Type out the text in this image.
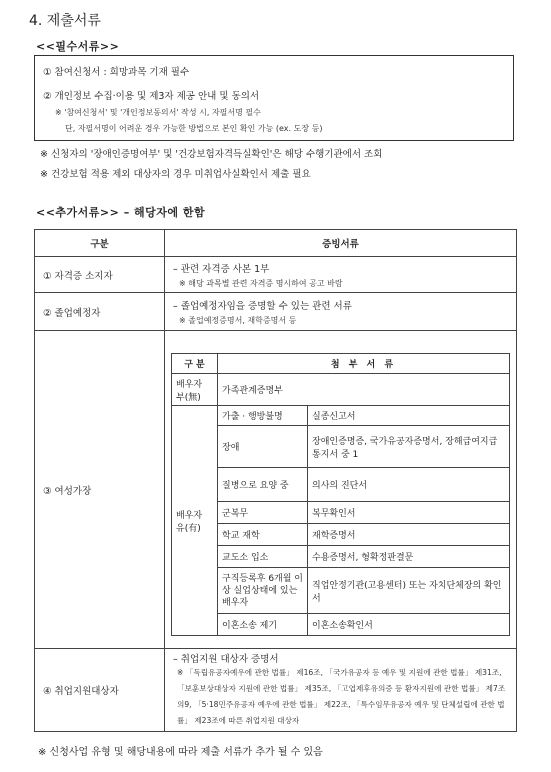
4. 제출서류
<<필수서류>>
① 참여신청서 : 희망과목 기재 필수
② 개인정보 수집·이용 및 제3자 제공 안내 및 동의서
※ '참여신청서' 및 '개인정보동의서' 작성 시, 자필서명 필수
단, 자필서명이 어려운 경우 가능한 방법으로 본인 확인 가능 (ex. 도장 등)
※ 신청자의 '장애인증명여부' 및 '건강보험자격득실확인'은 해당 수행기관에서 조회
※ 건강보험 적용 제외 대상자의 경우 미취업사실확인서 제출 필요
<<추가서류>> – 해당자에 한함
구분	증빙서류
① 자격증 소지자	
– 관련 자격증 사본 1부
※ 해당 과목별 관련 자격증 명시하여 공고 바람

② 졸업예정자	
– 졸업예정자임을 증명할 수 있는 관련 서류
※ 졸업예정증명서, 재학증명서 등

③ 여성가장	
구 분	첨 부 서 류
배우자 부(無)	가족관계증명부
배우자 유(有)	가출 · 행방불명	실종신고서
장애	장애인증명증, 국가유공자증명서, 장해급여지급통지서 중 1
질병으로 요양 중	의사의 진단서
군복무	복무확인서
학교 재학	재학증명서
교도소 입소	수용증명서, 형확정판결문
구직등록후 6개월 이상 실업상태에 있는 배우자	직업안정기관(고용센터) 또는 자치단체장의 확인서
이혼소송 제기	이혼소송확인서

④ 취업지원대상자	
– 취업지원 대상자 증명서
※ 「독립유공자예우에 관한 법률」 제16조, 「국가유공자 등 예우 및 지원에 관한 법률」 제31조, 「보훈보상대상자 지원에 관한 법률」 제35조, 「고엽제후유의증 등 환자지원에 관한 법률」 제7조의9, 「5·18민주유공자 예우에 관한 법률」 제22조, 「특수임무유공자 예우 및 단체설립에 관한 법률」 제23조에 따른 취업지원 대상자
※ 신청사업 유형 및 해당내용에 따라 제출 서류가 추가 될 수 있음
